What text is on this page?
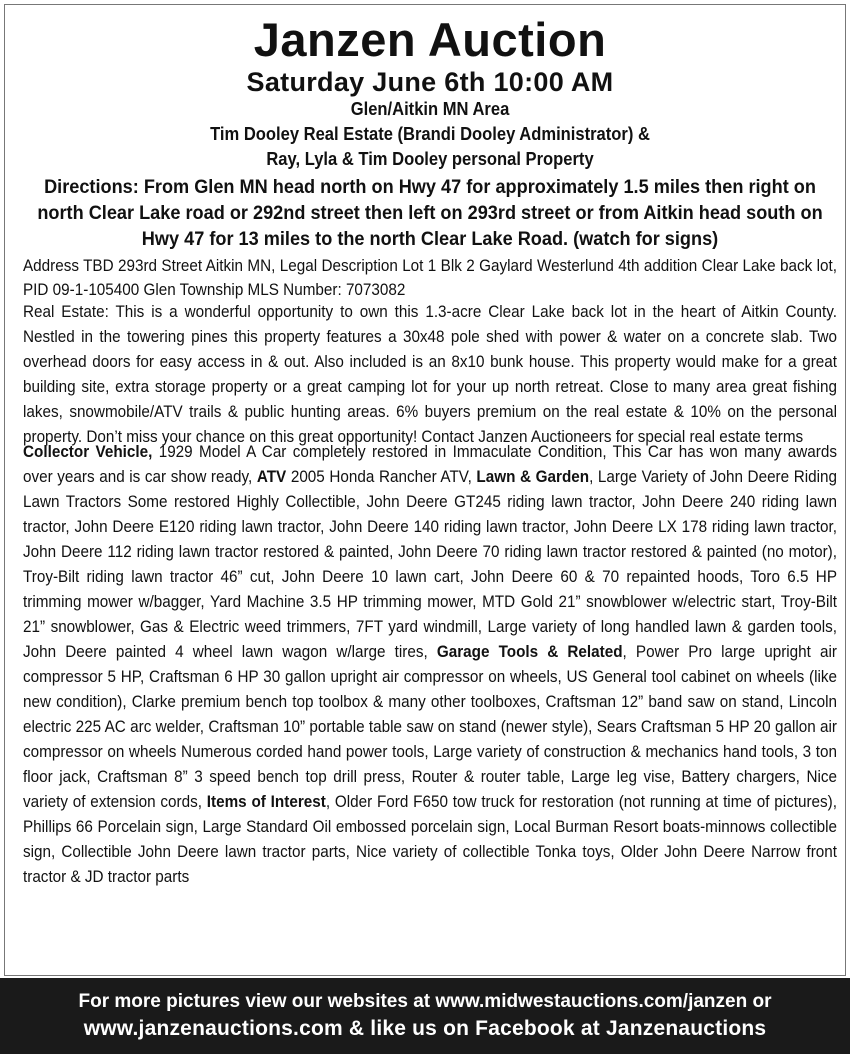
Janzen Auction
Saturday June 6th 10:00 AM
Glen/Aitkin MN Area
Tim Dooley Real Estate (Brandi Dooley Administrator) &
Ray, Lyla & Tim Dooley personal Property
Directions: From Glen MN head north on Hwy 47 for approximately 1.5 miles then right on north Clear Lake road or 292nd street then left on 293rd street or from Aitkin head south on Hwy 47 for 13 miles to the north Clear Lake Road. (watch for signs)
Address TBD 293rd Street Aitkin MN, Legal Description Lot 1 Blk 2 Gaylard Westerlund 4th addition Clear Lake back lot, PID 09-1-105400 Glen Township MLS Number: 7073082
Real Estate: This is a wonderful opportunity to own this 1.3-acre Clear Lake back lot in the heart of Aitkin County. Nestled in the towering pines this property features a 30x48 pole shed with power & water on a concrete slab. Two overhead doors for easy access in & out. Also included is an 8x10 bunk house. This property would make for a great building site, extra storage property or a great camping lot for your up north retreat. Close to many area great fishing lakes, snowmobile/ATV trails & public hunting areas. 6% buyers premium on the real estate & 10% on the personal property. Don’t miss your chance on this great opportunity! Contact Janzen Auctioneers for special real estate terms
Collector Vehicle, 1929 Model A Car completely restored in Immaculate Condition, This Car has won many awards over years and is car show ready, ATV 2005 Honda Rancher ATV, Lawn & Garden, Large Variety of John Deere Riding Lawn Tractors Some restored Highly Collectible, John Deere GT245 riding lawn tractor, John Deere 240 riding lawn tractor, John Deere E120 riding lawn tractor, John Deere 140 riding lawn tractor, John Deere LX 178 riding lawn tractor, John Deere 112 riding lawn tractor restored & painted, John Deere 70 riding lawn tractor restored & painted (no motor), Troy-Bilt riding lawn tractor 46” cut, John Deere 10 lawn cart, John Deere 60 & 70 repainted hoods, Toro 6.5 HP trimming mower w/bagger, Yard Machine 3.5 HP trimming mower, MTD Gold 21” snowblower w/electric start, Troy-Bilt 21” snowblower, Gas & Electric weed trimmers, 7FT yard windmill, Large variety of long handled lawn & garden tools, John Deere painted 4 wheel lawn wagon w/large tires, Garage Tools & Related, Power Pro large upright air compressor 5 HP, Craftsman 6 HP 30 gallon upright air compressor on wheels, US General tool cabinet on wheels (like new condition), Clarke premium bench top toolbox & many other toolboxes, Craftsman 12” band saw on stand, Lincoln electric 225 AC arc welder, Craftsman 10” portable table saw on stand (newer style), Sears Craftsman 5 HP 20 gallon air compressor on wheels Numerous corded hand power tools, Large variety of construction & mechanics hand tools, 3 ton floor jack, Craftsman 8” 3 speed bench top drill press, Router & router table, Large leg vise, Battery chargers, Nice variety of extension cords, Items of Interest, Older Ford F650 tow truck for restoration (not running at time of pictures), Phillips 66 Porcelain sign, Large Standard Oil embossed porcelain sign, Local Burman Resort boats-minnows collectible sign, Collectible John Deere lawn tractor parts, Nice variety of collectible Tonka toys, Older John Deere Narrow front tractor & JD tractor parts
For more pictures view our websites at www.midwestauctions.com/janzen or
www.janzenauctions.com & like us on Facebook at Janzenauctions
